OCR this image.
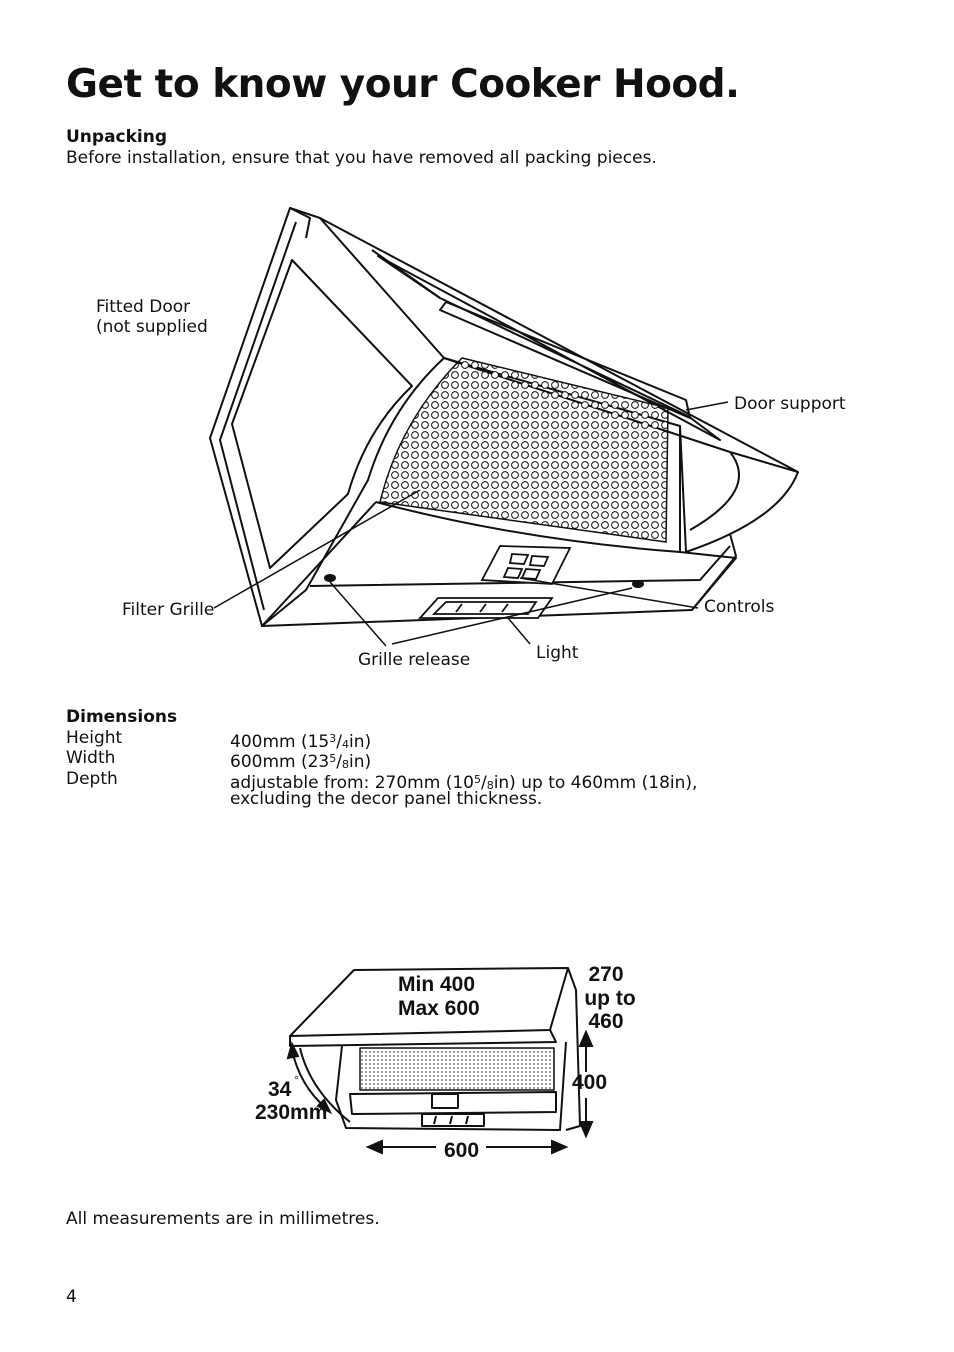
Get to know your Cooker Hood.
Unpacking
Before installation, ensure that you have removed all packing pieces.
Fitted Door
(not supplied
Door support
Filter Grille	Controls
Grille release	Light
Dimensions
Height	400mm $(15^3/_4in)$
Width	600mm $(23^5/_8in)$
Depth	adjustable from: 270mm $(10^5/_8in)$ up to 460mm (18in),
excluding the decor panel thickness.
Min 400
Max 600
270
up to
460
400
600
34 °
230mm
All measurements are in millimetres.
4
